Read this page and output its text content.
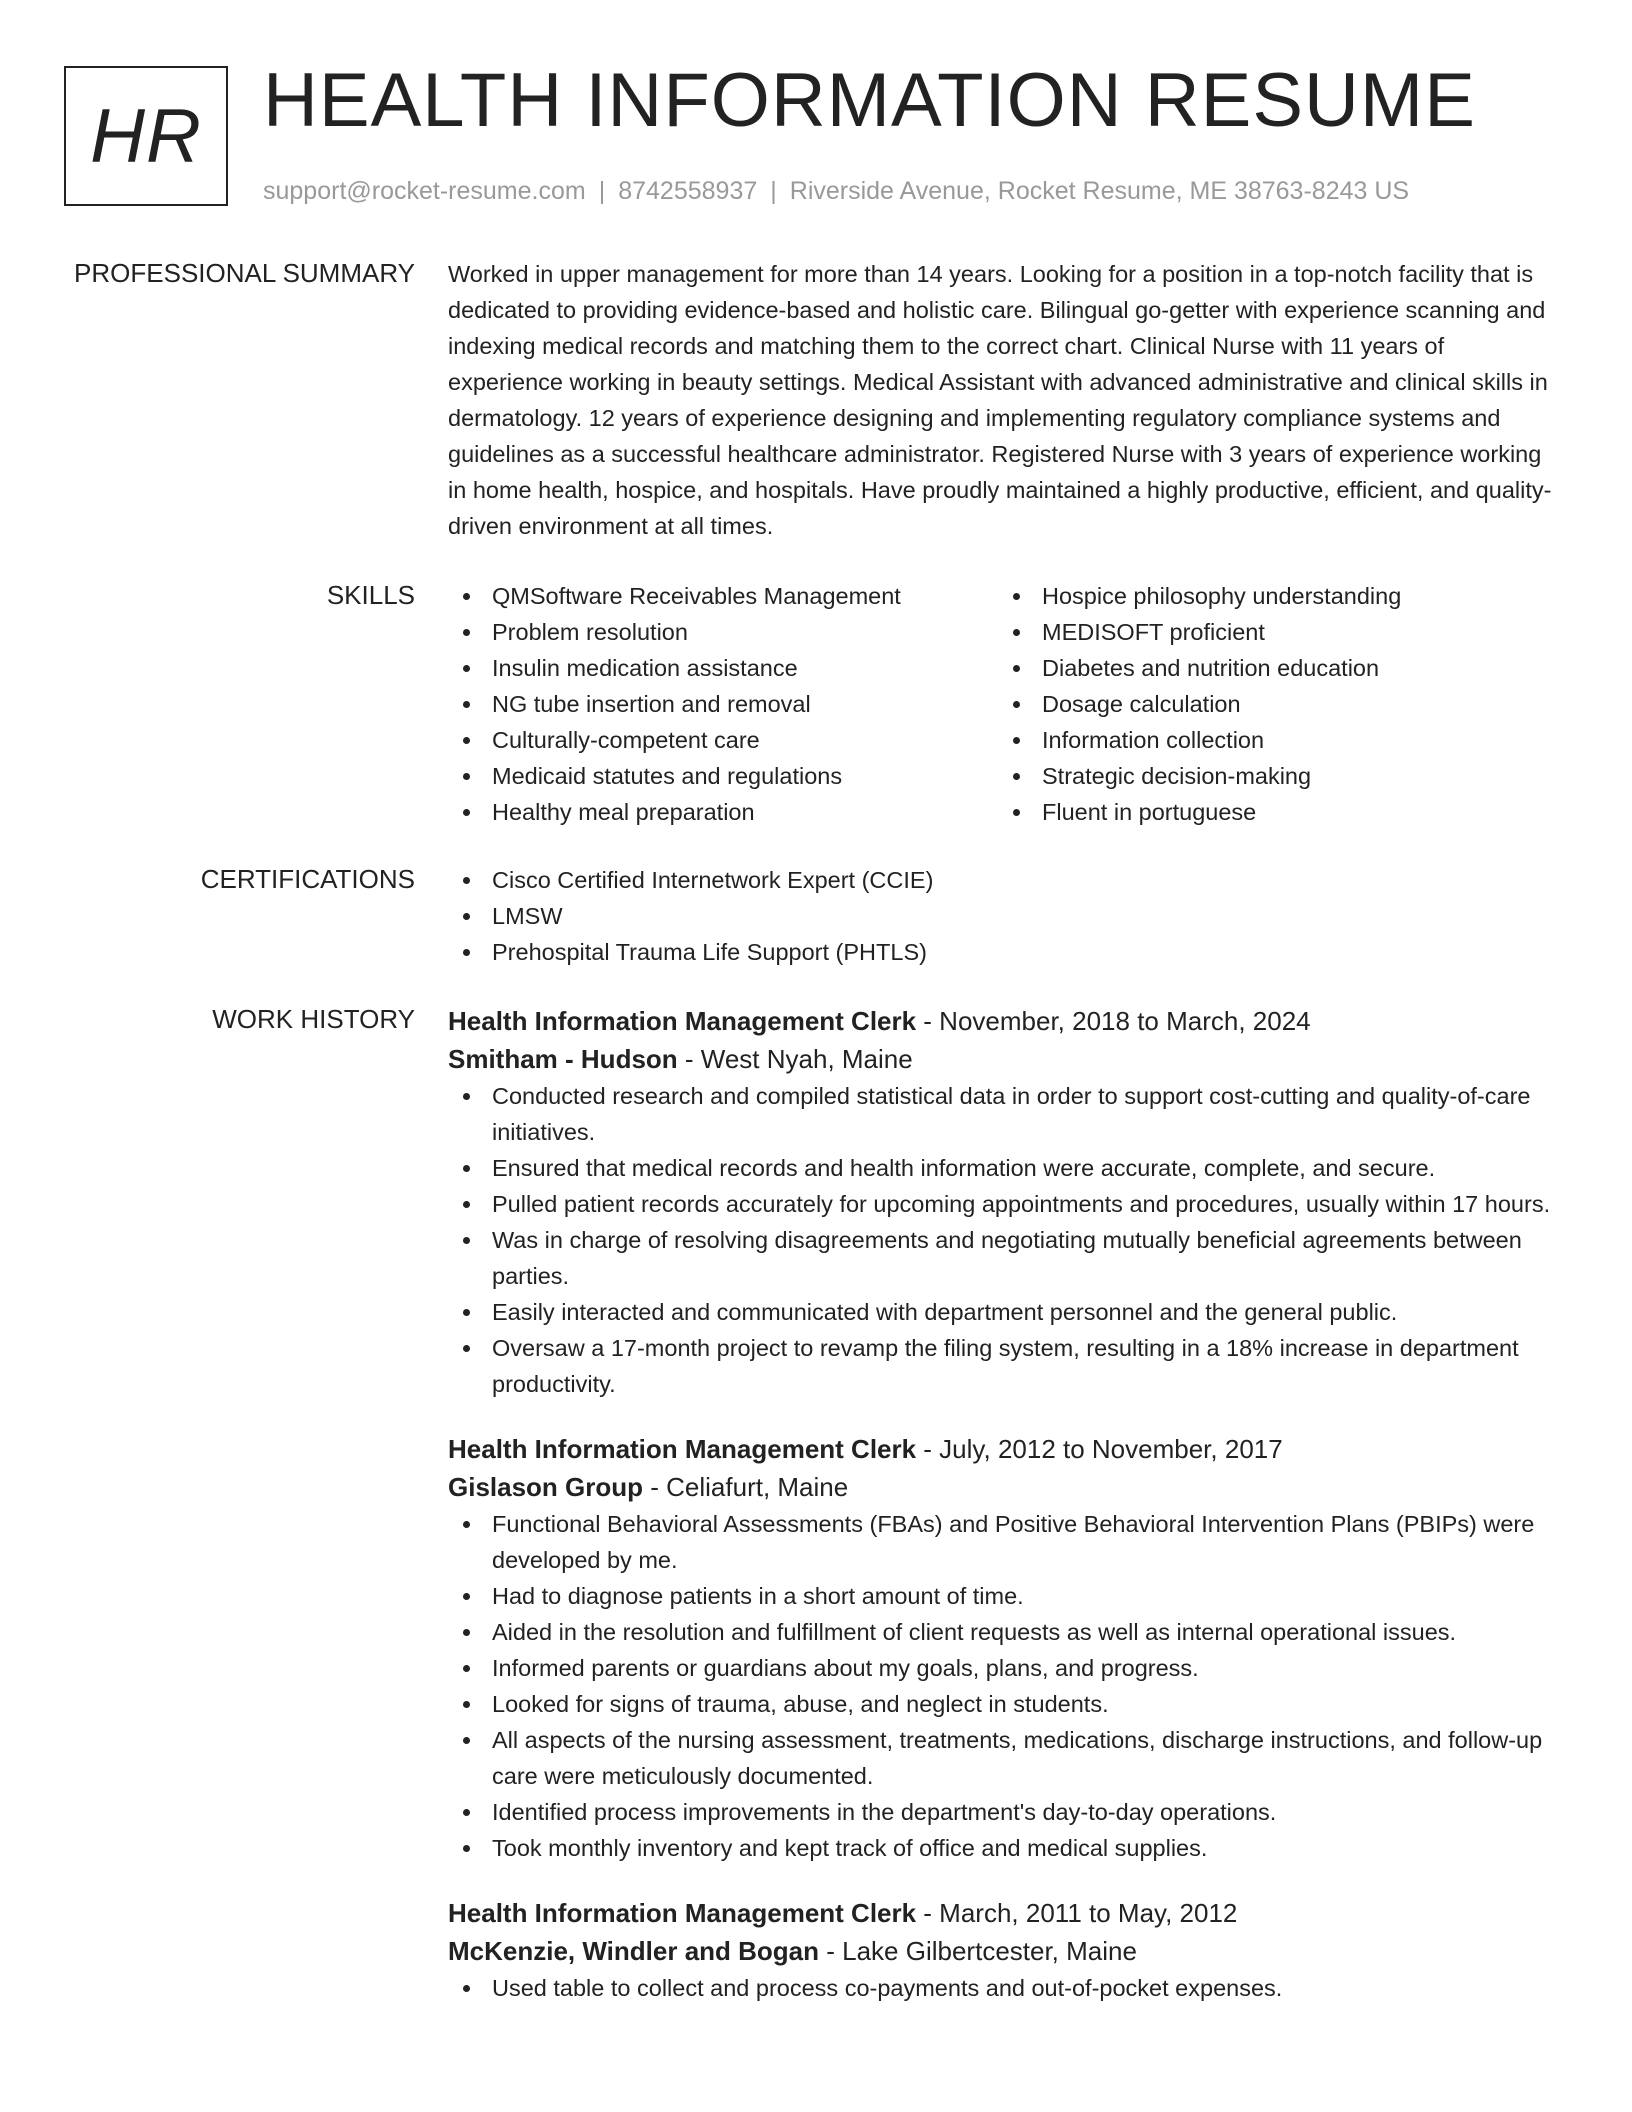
HR HEALTH INFORMATION RESUME
support@rocket-resume.com | 8742558937 | Riverside Avenue, Rocket Resume, ME 38763-8243 US
PROFESSIONAL SUMMARY Worked in upper management for more than 14 years. Looking for a position in a top-notch facility that is dedicated to providing evidence-based and holistic care. Bilingual go-getter with experience scanning and indexing medical records and matching them to the correct chart. Clinical Nurse with 11 years of experience working in beauty settings. Medical Assistant with advanced administrative and clinical skills in dermatology. 12 years of experience designing and implementing regulatory compliance systems and guidelines as a successful healthcare administrator. Registered Nurse with 3 years of experience working in home health, hospice, and hospitals. Have proudly maintained a highly productive, efficient, and quality-driven environment at all times.

SKILLS	QMSoftware Receivables Management
Problem resolution
Insulin medication assistance
NG tube insertion and removal
Culturally-competent care
Medicaid statutes and regulations
Healthy meal preparation
Hospice philosophy understanding
MEDISOFT proficient
Diabetes and nutrition education
Dosage calculation
Information collection
Strategic decision-making
Fluent in portuguese
CERTIFICATIONS	Cisco Certified Internetwork Expert (CCIE)
LMSW
Prehospital Trauma Life Support (PHTLS)
WORK HISTORY Health Information Management Clerk - November, 2018 to March, 2024
Smitham - Hudson - West Nyah, Maine
Conducted research and compiled statistical data in order to support cost-cutting and quality-of-care initiatives.
Ensured that medical records and health information were accurate, complete, and secure.
Pulled patient records accurately for upcoming appointments and procedures, usually within 17 hours.
Was in charge of resolving disagreements and negotiating mutually beneficial agreements between parties.
Easily interacted and communicated with department personnel and the general public.
Oversaw a 17-month project to revamp the filing system, resulting in a 18% increase in department productivity.
Health Information Management Clerk - July, 2012 to November, 2017
Gislason Group - Celiafurt, Maine
Functional Behavioral Assessments (FBAs) and Positive Behavioral Intervention Plans (PBIPs) were developed by me.
Had to diagnose patients in a short amount of time.
Aided in the resolution and fulfillment of client requests as well as internal operational issues.
Informed parents or guardians about my goals, plans, and progress.
Looked for signs of trauma, abuse, and neglect in students.
All aspects of the nursing assessment, treatments, medications, discharge instructions, and follow-up care were meticulously documented.
Identified process improvements in the department's day-to-day operations.
Took monthly inventory and kept track of office and medical supplies.
Health Information Management Clerk - March, 2011 to May, 2012
McKenzie, Windler and Bogan - Lake Gilbertcester, Maine
Used table to collect and process co-payments and out-of-pocket expenses.
